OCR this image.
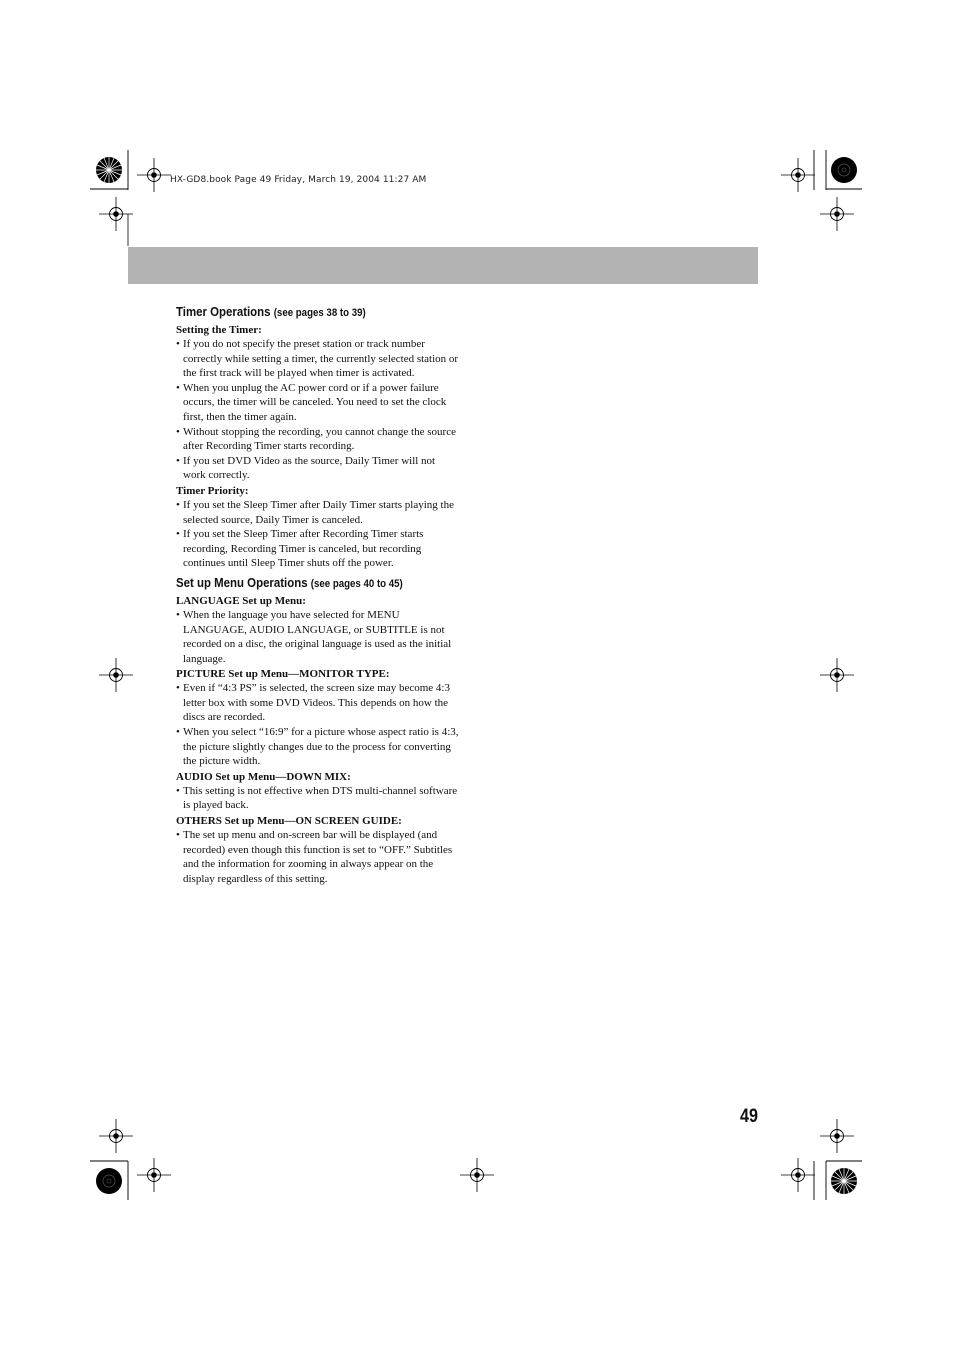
HX-GD8.book Page 49 Friday, March 19, 2004 11:27 AM
Timer Operations (see pages 38 to 39)
Setting the Timer:
• If you do not specify the preset station or track number correctly while setting a timer, the currently selected station or the first track will be played when timer is activated.
• When you unplug the AC power cord or if a power failure occurs, the timer will be canceled. You need to set the clock first, then the timer again.
• Without stopping the recording, you cannot change the source after Recording Timer starts recording.
• If you set DVD Video as the source, Daily Timer will not work correctly.
Timer Priority:
• If you set the Sleep Timer after Daily Timer starts playing the selected source, Daily Timer is canceled.
• If you set the Sleep Timer after Recording Timer starts recording, Recording Timer is canceled, but recording continues until Sleep Timer shuts off the power.
Set up Menu Operations (see pages 40 to 45)
LANGUAGE Set up Menu:
• When the language you have selected for MENU LANGUAGE, AUDIO LANGUAGE, or SUBTITLE is not recorded on a disc, the original language is used as the initial language.
PICTURE Set up Menu—MONITOR TYPE:
• Even if “4:3 PS” is selected, the screen size may become 4:3 letter box with some DVD Videos. This depends on how the discs are recorded.
• When you select “16:9” for a picture whose aspect ratio is 4:3, the picture slightly changes due to the process for converting the picture width.
AUDIO Set up Menu—DOWN MIX:
• This setting is not effective when DTS multi-channel software is played back.
OTHERS Set up Menu—ON SCREEN GUIDE:
• The set up menu and on-screen bar will be displayed (and recorded) even though this function is set to “OFF.” Subtitles and the information for zooming in always appear on the display regardless of this setting.
49
